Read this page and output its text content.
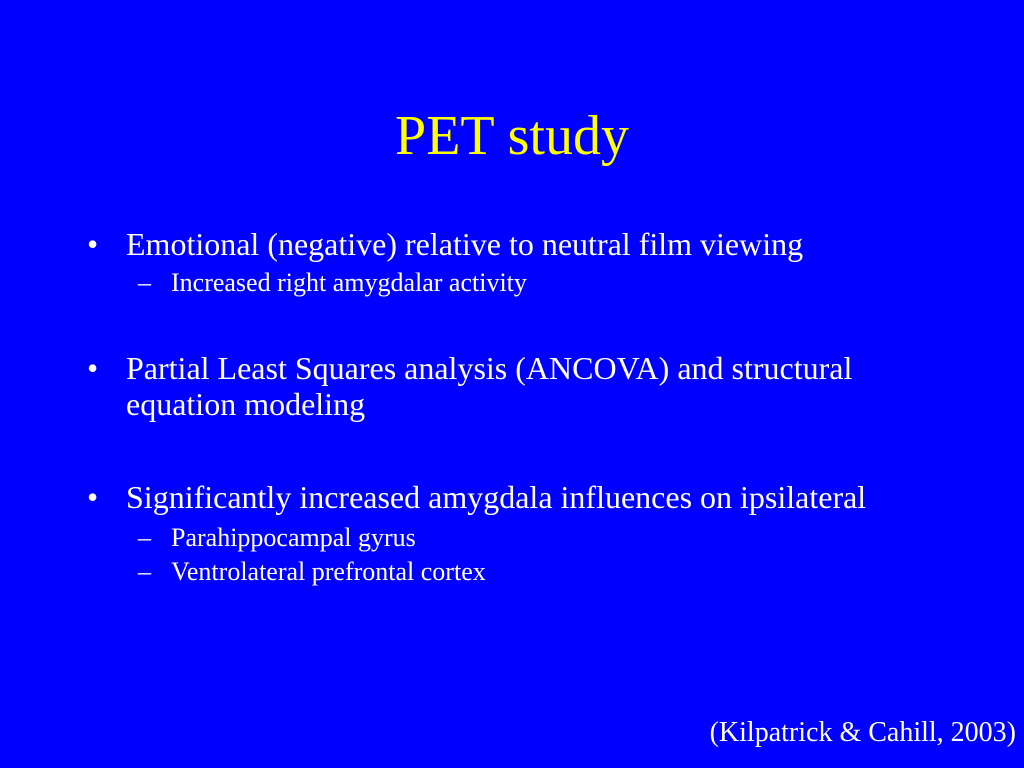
PET study
• Emotional (negative) relative to neutral film viewing
– Increased right amygdalar activity
• Partial Least Squares analysis (ANCOVA) and structural equation modeling
• Significantly increased amygdala influences on ipsilateral
– Parahippocampal gyrus
– Ventrolateral prefrontal cortex
(Kilpatrick & Cahill, 2003)
